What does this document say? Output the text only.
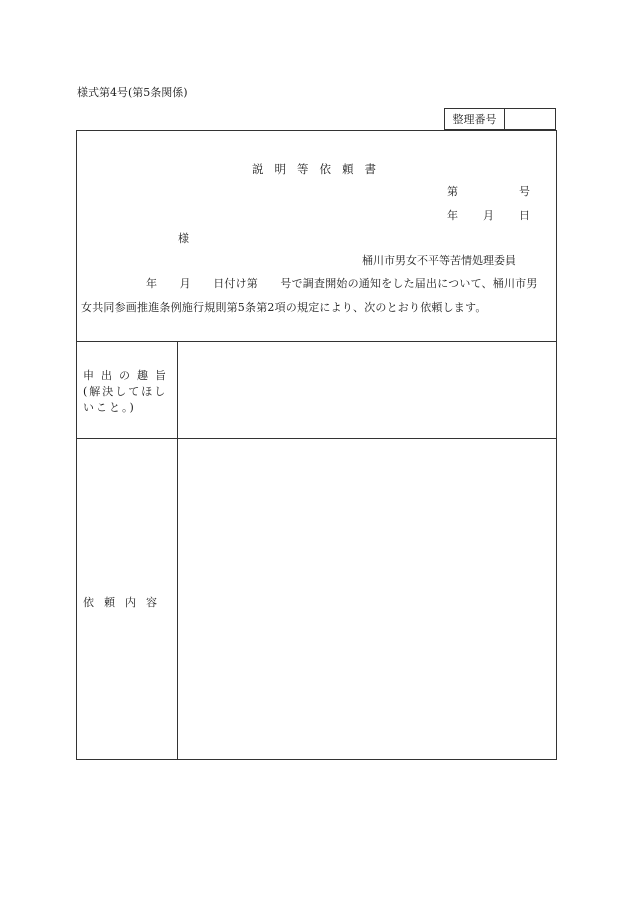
様式第4号(第5条関係)
整理番号
説明等依頼書
第	号
年 月 日
様
桶川市男女不平等苦情処理委員
年　　月　　日付け第　　号で調査開始の通知をした届出について、桶川市男
女共同参画推進条例施行規則第5条第2項の規定により、次のとおり依頼します。
申出の趣旨
(解決してほし
いこと。)
依頼内容
